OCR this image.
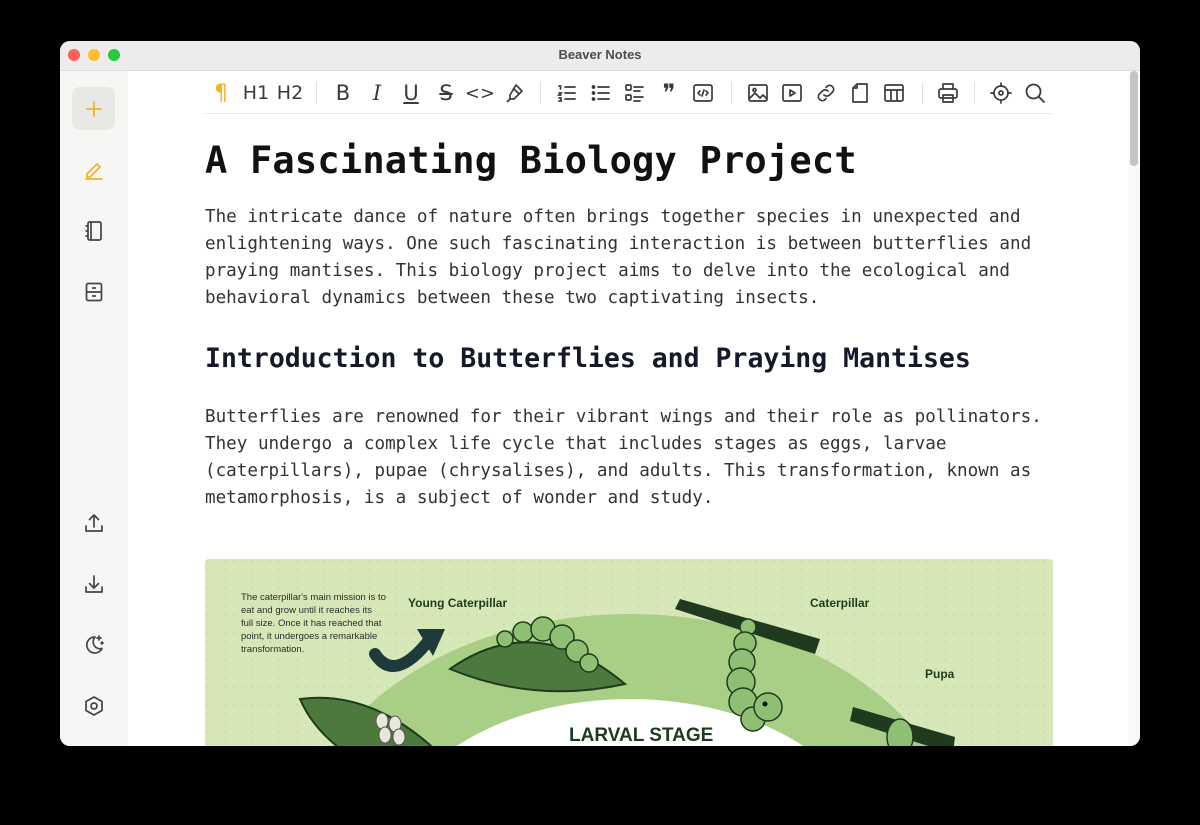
Beaver Notes
¶ H1 H2 B I U S <>	❞
A Fascinating Biology Project

The intricate dance of nature often brings together species in unexpected and enlightening ways. One such fascinating interaction is between butterflies and praying mantises. This biology project aims to delve into the ecological and behavioral dynamics between these two captivating insects.

Introduction to Butterflies and Praying Mantises

Butterflies are renowned for their vibrant wings and their role as pollinators. They undergo a complex life cycle that includes stages as eggs, larvae (caterpillars), pupae (chrysalises), and adults. This transformation, known as metamorphosis, is a subject of wonder and study.

The caterpillar's main mission is to eat and grow until it reaches its full size. Once it has reached that point, it undergoes a remarkable transformation.
Young Caterpillar	Caterpillar
Pupa
LARVAL STAGE
